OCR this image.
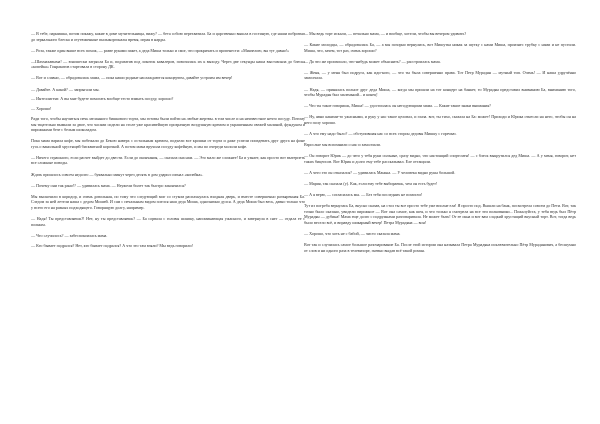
— В тебе, парнишка, потом покажу, какие в доме мучительницы, вижу? — бета собою перехватила. Ба и царственно вышла в гостиную, где наши побритые до зеркального блеска и отутюженные пылыкоргоналы время, играя в нарды.

— Роза, также один выше всех похож, — разве руками пакет, а деда Миша только и смог, что прокричать и пропенести: «Миязелою, вы тут давно!»

—Шахмахавыма! — юношески затрясла Ба и, подхватив под локоток кавалеров, повозилась их к выходу. Через две секунды наша выставляла до блеска «копейка» Гонракатов стартовала в сторону ДК.

— Вот и славно, — обрадовалась мама, — пока наши родные наслаждаются концертом, давайте устроим им вечер!

— Давайте. А какой? — запрыгали мы.

— Интеллигент. А вы мне будете помогать вообще тесто взмыть посуду, хорошо?

— Хорошо!

Ради того, чтобы научиться печь меланного бишкового торта, мы готовы были пойти на любые жертвы. в том числе и на неизвестное нечто посуду. Потому мы тщательно вымыли за двое, что часами сидели на столе уже красивейшую прозрачную воздушную кремом и украшенным свежей малиной, фундуком и пирожными безе с белым шоколадом.

Пока мама варила кофе, мы побежали до Бексю наверх с остальным кремом, подъели все крошки от торта и даже успели поиздевать друг друга на фоне гусь о ванильной хрустящей бисквитной корочкой. А потом мама вручила посуду кофейную, и мы по очереди мололи кофе.

— Ничего страшного, если расчет выйдет до двести. Если до окончания, — сказала она нам. — Это мало же сложнее! Ба и узнает, как просто вот вытерпеть все сложные поводы.

Ждать пришлось совсем недолго — буквально минут через десять в дом ударил сигнал «копейка».

— Почему они так рано!? — удивилась мама. — Неужели билет так быстро закончился?

Мы выскочили в коридор, и очень довольная, по тому что следующий миг со стуком распахнулась входная дверь, и вместе совершенно разъяренная Ба. Следом за ней летели наша с дедом Мишей. И сам с печальным видом плелся наш деда Миша, однозначно дулся. А деда Миша был весь, давно только что у всего его на разных подходящего. Говорящую долгу, например.

— Надя! Ты представляешь?! Нет, ну ты представляешь? — Ба сорвала с головы шляпку, напоминающая ужасного, и завернула в снег — отдала ее с полным.

— Что случилось? — забеспокоилась мама.

— Кто бывает подрался? Нет, кто бывает подрался? А что это там взяли? Мы ведь говорили!

— Мы ведь торт искали, — печально мама, — и вообще, хотели, чтобы вы вечером удивить?

— Какие молодцы, — обрадовалась Ба, — а мы позорно вернулись, вот Мишутка никак за шутку с нами Миша, произнес трубку с нами и не пустили. Миша, что, зачем, тот раз, очень хорошо?

— Да что же произошло, что-нибудь может объяснить? — расстроилась мама.

— Женя, — у меня был подруга, как иди-кого, — что ты была совершенно права. Тот Петр Мурадян — мутный тип. Очень! — И наша удручённо замолчала.

— Надя, — принялась полное друг деда Миша, — когда мы пришли на тот концерт на банкет, то Мурадян представил вниманию Ба, вниманию того, чтобы Мурадян был маленький... и конец!

— Что ты такое говоришь, Миша! — удостоилась он негодующими мама. — Какие такие знаки внимания?

— Ну, явно какими-то ужасными, и руку у нас такое целовал, и глаза. вот, ты тихо, сказала на Ба: может! Приходи и Юрика отнесли на него, чтобы он на него полу хорошо.

— А что ему надо было? — обступившая нас со всех сторон дедовы Мишку с горечью.

Взрослые мы вспомнили о нас и замолчали.

— Он говорит Юрик — до чего у тебя руки сильные, сразу видно, что настоящий спортсмен! — с блеск выкрутился дед Миша. — А у меня, говорит, нет таких бицепсов. Вот Юрик и долго ему тебе рассказывал. Еле оттащили.

— А чего это он отказался? — удивилась Манька. — У человека видно рукы большой.

— Мария, так сказала (у). Как, если ему тебе выбираешь, чем он есть будет!

— А я верю, — согласилась мы. — Без тебя последних не помогли!

Тут из погреба вернулась Ба, вкусно сказав, на стол ты все просто тебе уже вполне ела! Я просто под. Вышли на банк, посмотрела совсем до Пети. Вот, так точно было сказано, увидели пирожное — Вот она самое, как шея, и что только я смотрела на все эти полковники... Пожалуйста, у тебя ведь был Пётр Мурадян — дубина! Мама еще долго с подружками разговаривала. Не может быть! От ее окна и вот вам сладкий хрустящий вкусный торт. Вот, тогда ведь было весело всё, и вправду шикарный вечер! Петра Мурадяна — вон!

— Хорошо, что хоть не с бабой, — чисто сказала мама.

Вот так и случилась самое большое разочарование Ба. После этой истории она называла Петра Мурадяна исключительно Пётр Мурадянович, а бесшумно от слов и ни одного раза в телевизоре, гневно выдав всё такой роман.
